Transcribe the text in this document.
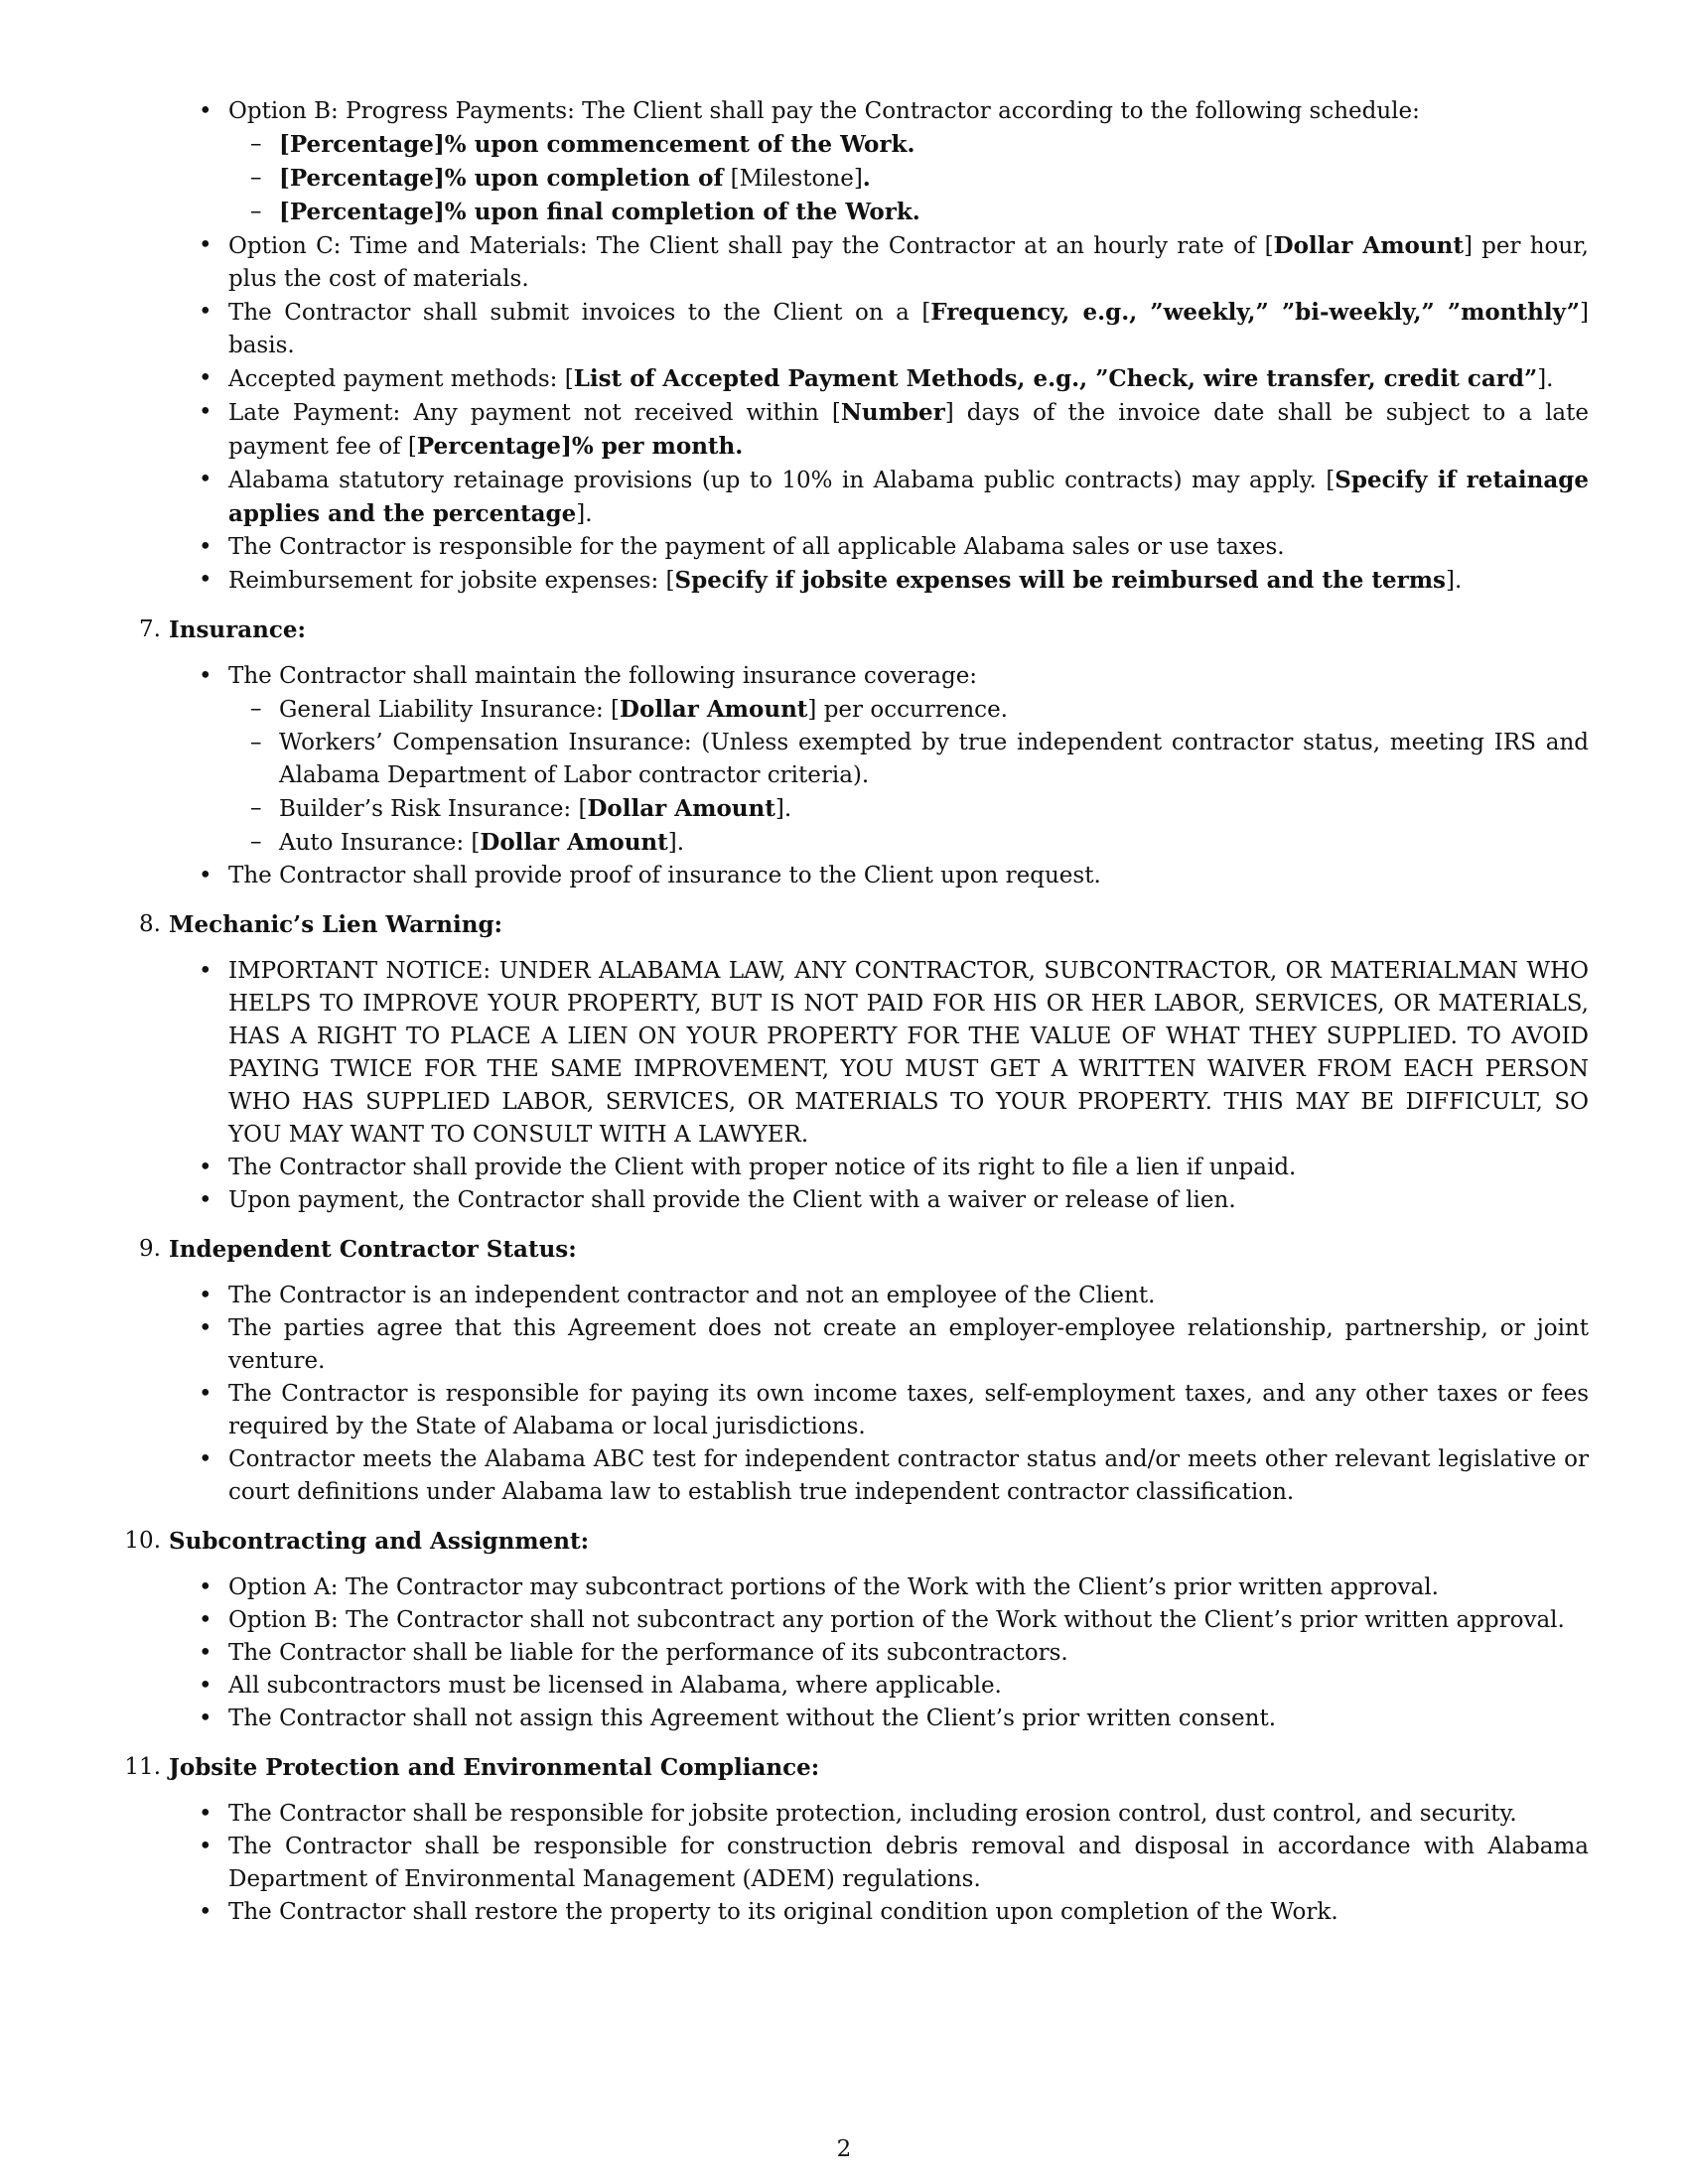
• Option B: Progress Payments: The Client shall pay the Contractor according to the following schedule:
– [Percentage]% upon commencement of the Work.
– [Percentage]% upon completion of [Milestone].
– [Percentage]% upon final completion of the Work.
• Option C: Time and Materials: The Client shall pay the Contractor at an hourly rate of [Dollar Amount] per hour, plus the cost of materials.
• The Contractor shall submit invoices to the Client on a [Frequency, e.g., ”weekly,” ”bi-weekly,” ”monthly”] basis.
• Accepted payment methods: [List of Accepted Payment Methods, e.g., ”Check, wire transfer, credit card”].
• Late Payment: Any payment not received within [Number] days of the invoice date shall be subject to a late payment fee of [Percentage]% per month.
• Alabama statutory retainage provisions (up to 10% in Alabama public contracts) may apply. [Specify if retainage applies and the percentage].
• The Contractor is responsible for the payment of all applicable Alabama sales or use taxes.
• Reimbursement for jobsite expenses: [Specify if jobsite expenses will be reimbursed and the terms].
7. Insurance:
• The Contractor shall maintain the following insurance coverage:
– General Liability Insurance: [Dollar Amount] per occurrence.
– Workers’ Compensation Insurance: (Unless exempted by true independent contractor status, meeting IRS and Alabama Department of Labor contractor criteria).
– Builder’s Risk Insurance: [Dollar Amount].
– Auto Insurance: [Dollar Amount].
• The Contractor shall provide proof of insurance to the Client upon request.
8. Mechanic’s Lien Warning:
• IMPORTANT NOTICE: UNDER ALABAMA LAW, ANY CONTRACTOR, SUBCONTRACTOR, OR MATERIALMAN WHO HELPS TO IMPROVE YOUR PROPERTY, BUT IS NOT PAID FOR HIS OR HER LABOR, SERVICES, OR MATERIALS, HAS A RIGHT TO PLACE A LIEN ON YOUR PROPERTY FOR THE VALUE OF WHAT THEY SUPPLIED. TO AVOID PAYING TWICE FOR THE SAME IMPROVEMENT, YOU MUST GET A WRITTEN WAIVER FROM EACH PERSON WHO HAS SUPPLIED LABOR, SERVICES, OR MATERIALS TO YOUR PROPERTY. THIS MAY BE DIFFICULT, SO YOU MAY WANT TO CONSULT WITH A LAWYER.
• The Contractor shall provide the Client with proper notice of its right to file a lien if unpaid.
• Upon payment, the Contractor shall provide the Client with a waiver or release of lien.
9. Independent Contractor Status:
• The Contractor is an independent contractor and not an employee of the Client.
• The parties agree that this Agreement does not create an employer-employee relationship, partnership, or joint venture.
• The Contractor is responsible for paying its own income taxes, self-employment taxes, and any other taxes or fees required by the State of Alabama or local jurisdictions.
• Contractor meets the Alabama ABC test for independent contractor status and/or meets other relevant legislative or court definitions under Alabama law to establish true independent contractor classification.
10. Subcontracting and Assignment:
• Option A: The Contractor may subcontract portions of the Work with the Client’s prior written approval.
• Option B: The Contractor shall not subcontract any portion of the Work without the Client’s prior written approval.
• The Contractor shall be liable for the performance of its subcontractors.
• All subcontractors must be licensed in Alabama, where applicable.
• The Contractor shall not assign this Agreement without the Client’s prior written consent.
11. Jobsite Protection and Environmental Compliance:
• The Contractor shall be responsible for jobsite protection, including erosion control, dust control, and security.
• The Contractor shall be responsible for construction debris removal and disposal in accordance with Alabama Department of Environmental Management (ADEM) regulations.
• The Contractor shall restore the property to its original condition upon completion of the Work.
2
